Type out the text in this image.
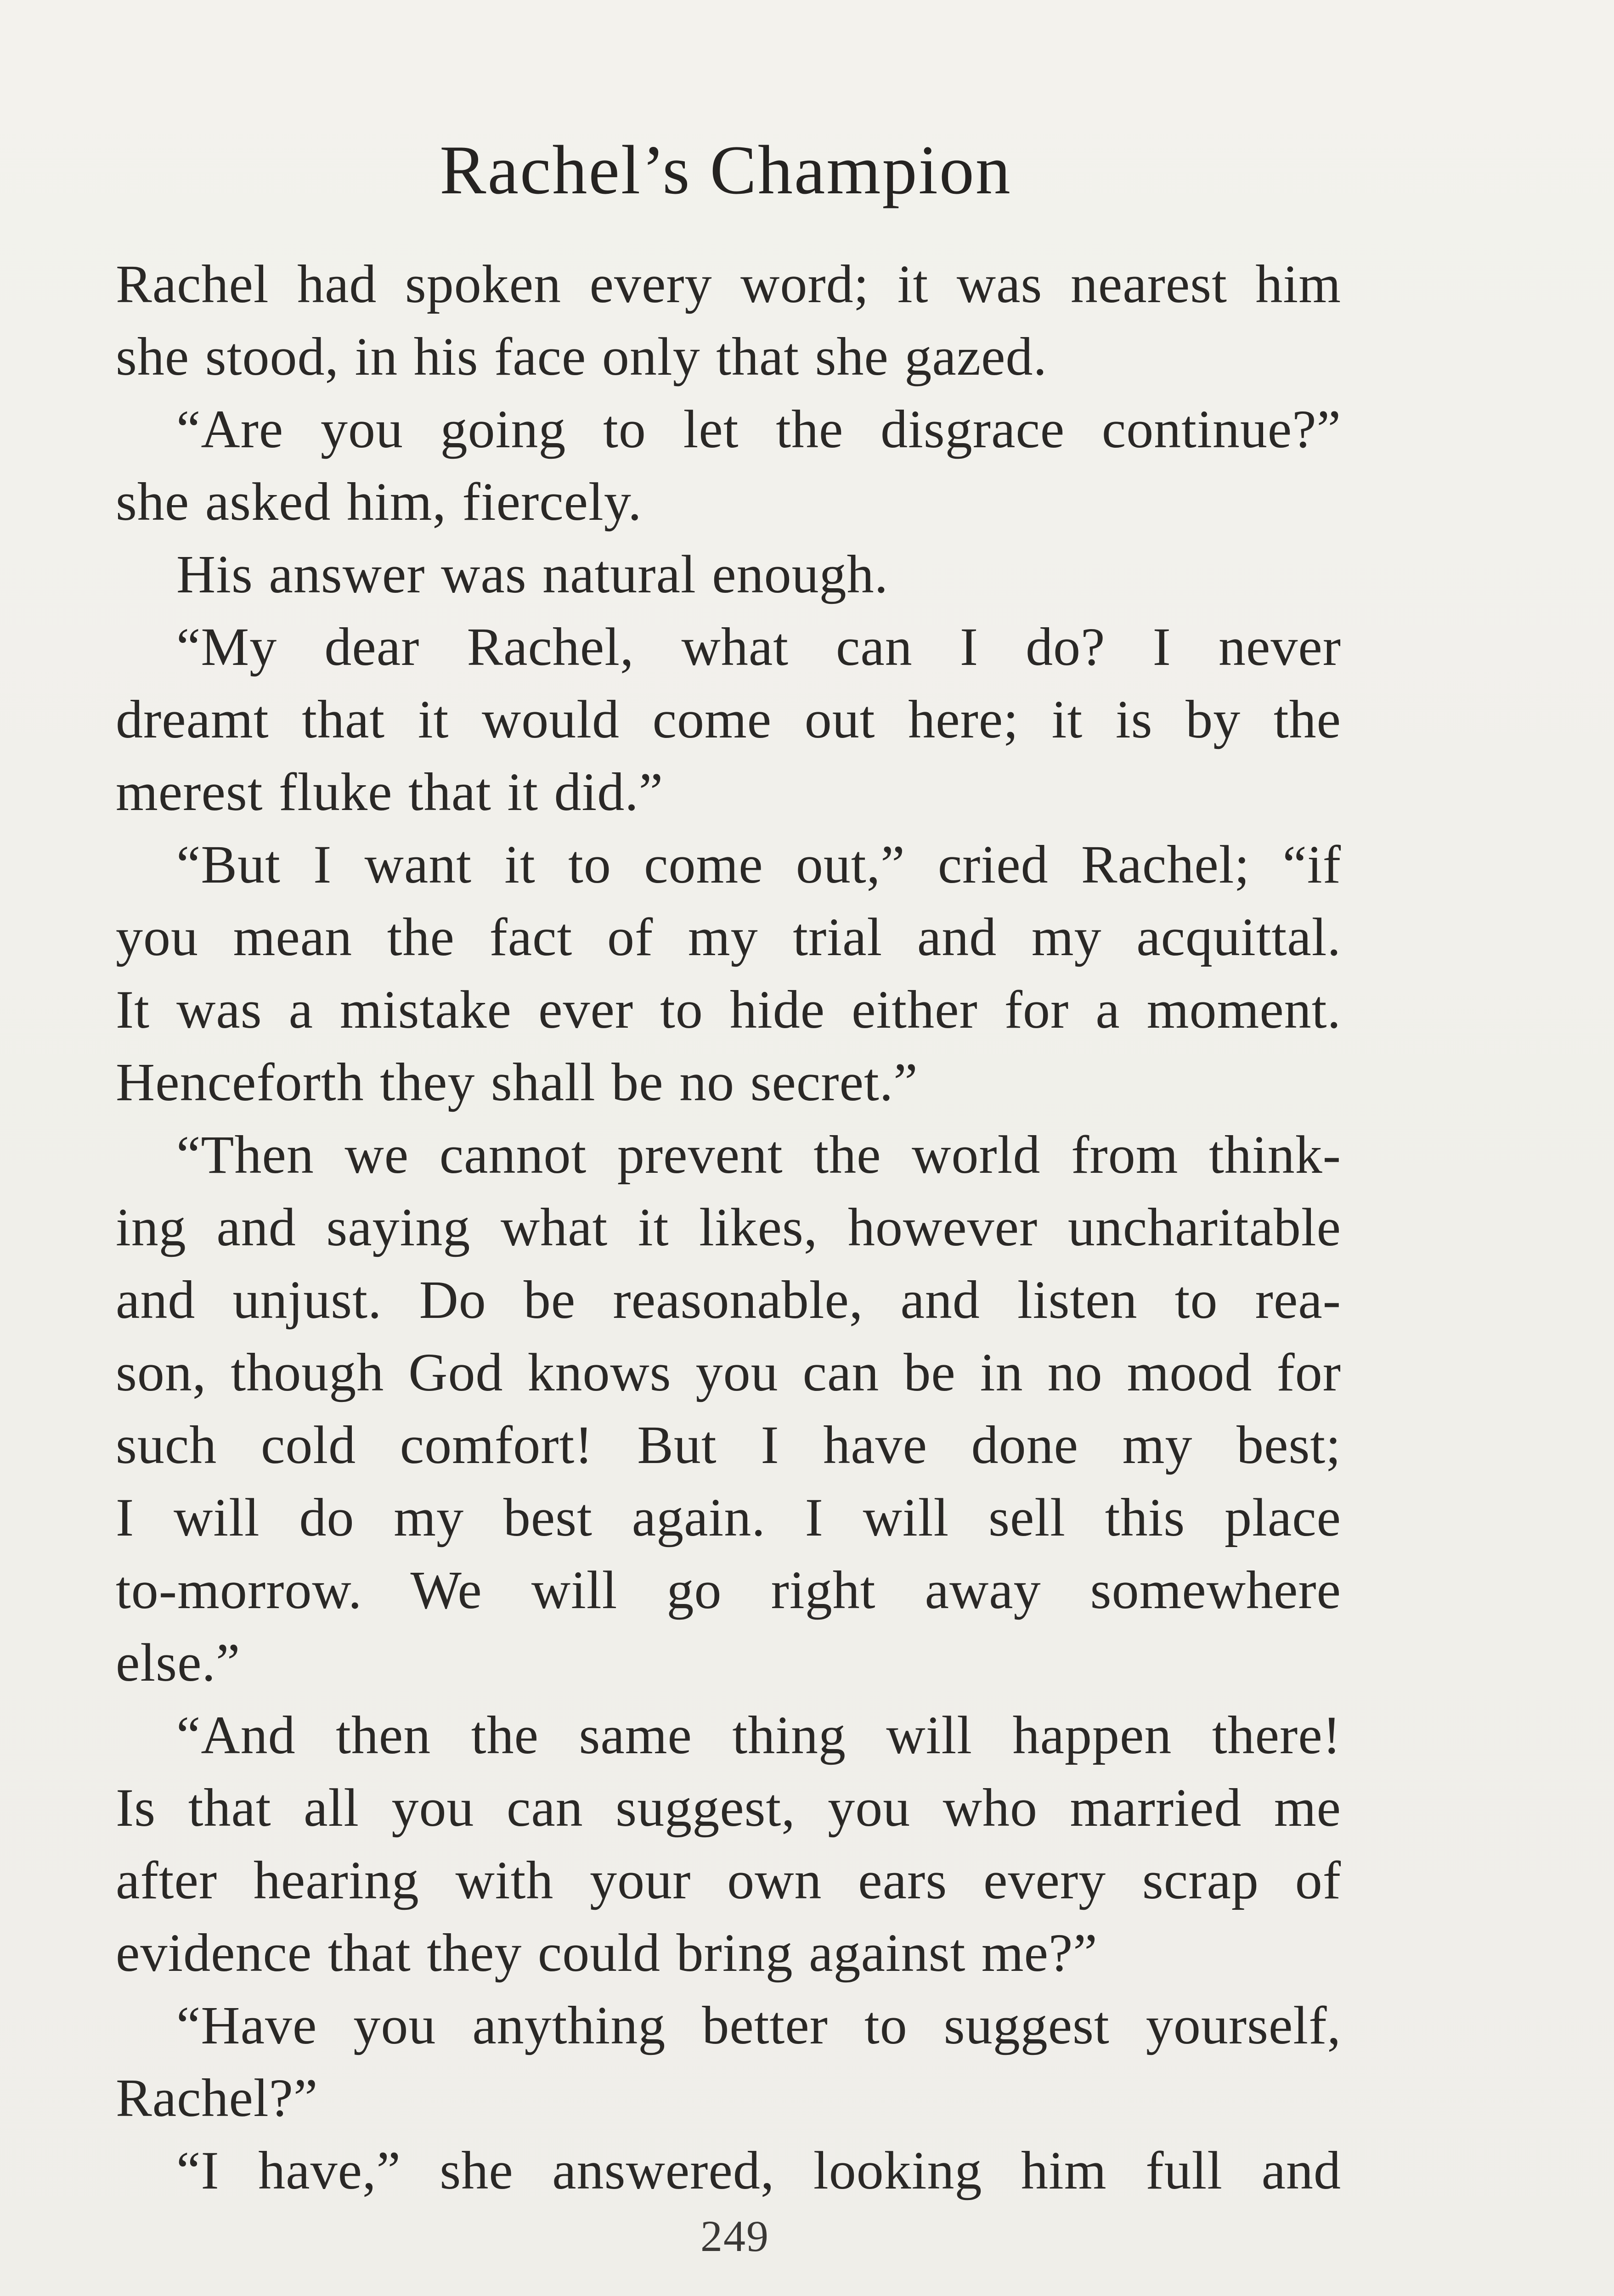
Rachel’s Champion
Rachel had spoken every word; it was nearest him
she stood, in his face only that she gazed.
“Are you going to let the disgrace continue?”
she asked him, fiercely.
His answer was natural enough.
“My dear Rachel, what can I do? I never
dreamt that it would come out here; it is by the
merest fluke that it did.”
“But I want it to come out,” cried Rachel; “if
you mean the fact of my trial and my acquittal.
It was a mistake ever to hide either for a moment.
Henceforth they shall be no secret.”
“Then we cannot prevent the world from think-
ing and saying what it likes, however uncharitable
and unjust. Do be reasonable, and listen to rea-
son, though God knows you can be in no mood for
such cold comfort! But I have done my best;
I will do my best again. I will sell this place
to-morrow. We will go right away somewhere
else.”
“And then the same thing will happen there!
Is that all you can suggest, you who married me
after hearing with your own ears every scrap of
evidence that they could bring against me?”
“Have you anything better to suggest yourself,
Rachel?”
“I have,” she answered, looking him full and
249
